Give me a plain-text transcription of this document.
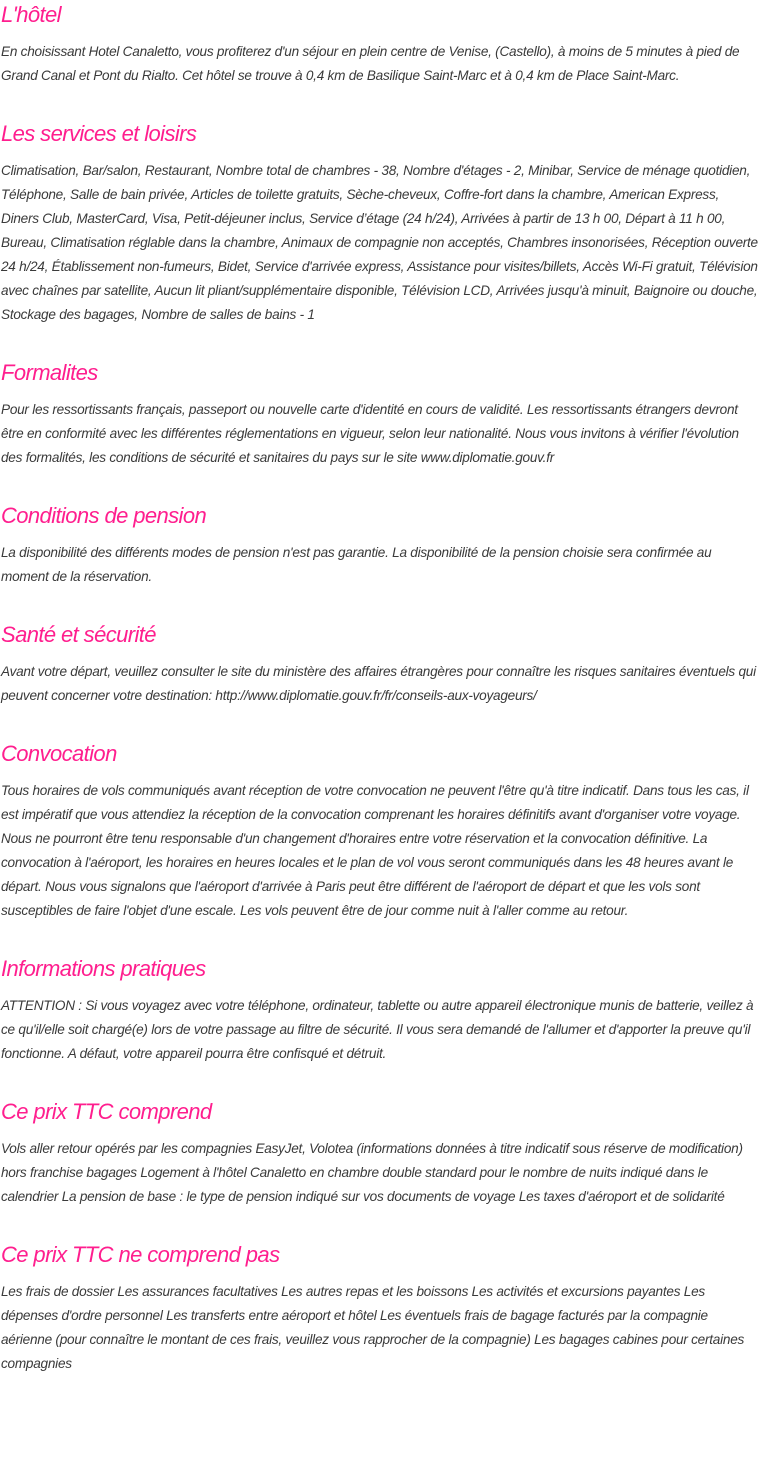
L'hôtel

En choisissant Hotel Canaletto, vous profiterez d'un séjour en plein centre de Venise, (Castello), à moins de 5 minutes à pied de Grand Canal et Pont du Rialto. Cet hôtel se trouve à 0,4 km de Basilique Saint-Marc et à 0,4 km de Place Saint-Marc.

Les services et loisirs

Climatisation, Bar/salon, Restaurant, Nombre total de chambres - 38, Nombre d'étages - 2, Minibar, Service de ménage quotidien, Téléphone, Salle de bain privée, Articles de toilette gratuits, Sèche-cheveux, Coffre-fort dans la chambre, American Express, Diners Club, MasterCard, Visa, Petit-déjeuner inclus, Service d’étage (24 h/24), Arrivées à partir de 13 h 00, Départ à 11 h 00, Bureau, Climatisation réglable dans la chambre, Animaux de compagnie non acceptés, Chambres insonorisées, Réception ouverte 24 h/24, Établissement non-fumeurs, Bidet, Service d'arrivée express, Assistance pour visites/billets, Accès Wi-Fi gratuit, Télévision avec chaînes par satellite, Aucun lit pliant/supplémentaire disponible, Télévision LCD, Arrivées jusqu'à minuit, Baignoire ou douche, Stockage des bagages, Nombre de salles de bains - 1

Formalites

Pour les ressortissants français, passeport ou nouvelle carte d'identité en cours de validité. Les ressortissants étrangers devront être en conformité avec les différentes réglementations en vigueur, selon leur nationalité. Nous vous invitons à vérifier l'évolution des formalités, les conditions de sécurité et sanitaires du pays sur le site www.diplomatie.gouv.fr

Conditions de pension

La disponibilité des différents modes de pension n'est pas garantie. La disponibilité de la pension choisie sera confirmée au moment de la réservation.

Santé et sécurité

Avant votre départ, veuillez consulter le site du ministère des affaires étrangères pour connaître les risques sanitaires éventuels qui peuvent concerner votre destination: http://www.diplomatie.gouv.fr/fr/conseils-aux-voyageurs/

Convocation

Tous horaires de vols communiqués avant réception de votre convocation ne peuvent l'être qu'à titre indicatif. Dans tous les cas, il est impératif que vous attendiez la réception de la convocation comprenant les horaires définitifs avant d'organiser votre voyage. Nous ne pourront être tenu responsable d'un changement d'horaires entre votre réservation et la convocation définitive. La convocation à l'aéroport, les horaires en heures locales et le plan de vol vous seront communiqués dans les 48 heures avant le départ. Nous vous signalons que l'aéroport d'arrivée à Paris peut être différent de l'aéroport de départ et que les vols sont susceptibles de faire l'objet d'une escale. Les vols peuvent être de jour comme nuit à l'aller comme au retour.

Informations pratiques

ATTENTION : Si vous voyagez avec votre téléphone, ordinateur, tablette ou autre appareil électronique munis de batterie, veillez à ce qu'il/elle soit chargé(e) lors de votre passage au filtre de sécurité. Il vous sera demandé de l'allumer et d'apporter la preuve qu'il fonctionne. A défaut, votre appareil pourra être confisqué et détruit.

Ce prix TTC comprend

Vols aller retour opérés par les compagnies EasyJet, Volotea (informations données à titre indicatif sous réserve de modification) hors franchise bagages Logement à l'hôtel Canaletto en chambre double standard pour le nombre de nuits indiqué dans le calendrier La pension de base : le type de pension indiqué sur vos documents de voyage Les taxes d'aéroport et de solidarité

Ce prix TTC ne comprend pas

Les frais de dossier Les assurances facultatives Les autres repas et les boissons Les activités et excursions payantes Les dépenses d'ordre personnel Les transferts entre aéroport et hôtel Les éventuels frais de bagage facturés par la compagnie aérienne (pour connaître le montant de ces frais, veuillez vous rapprocher de la compagnie) Les bagages cabines pour certaines compagnies
